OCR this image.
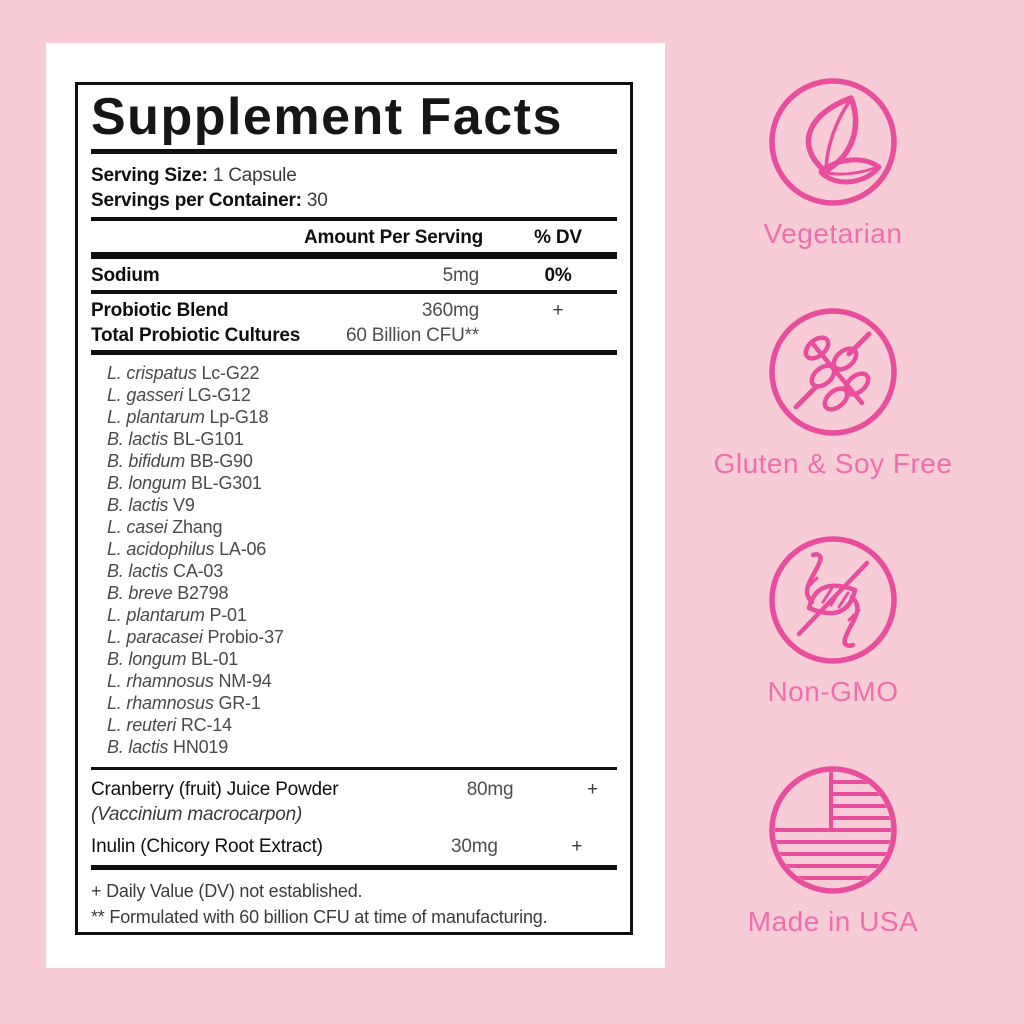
Supplement Facts
Serving Size: 1 Capsule
Servings per Container: 30
Amount Per Serving	% DV
Sodium	5mg	0%
Probiotic Blend	360mg	+
Total Probiotic Cultures	60 Billion CFU**
L. crispatus Lc-G22
L. gasseri LG-G12
L. plantarum Lp-G18
B. lactis BL-G101
B. bifidum BB-G90
B. longum BL-G301
B. lactis V9
L. casei Zhang
L. acidophilus LA-06
B. lactis CA-03
B. breve B2798
L. plantarum P-01
L. paracasei Probio-37
B. longum BL-01
L. rhamnosus NM-94
L. rhamnosus GR-1
L. reuteri RC-14
B. lactis HN019
Cranberry (fruit) Juice Powder	80mg	+
(Vaccinium macrocarpon)
Inulin (Chicory Root Extract)	30mg	+
+ Daily Value (DV) not established.
** Formulated with 60 billion CFU at time of manufacturing.
Vegetarian
Gluten & Soy Free
Non-GMO
Made in USA
